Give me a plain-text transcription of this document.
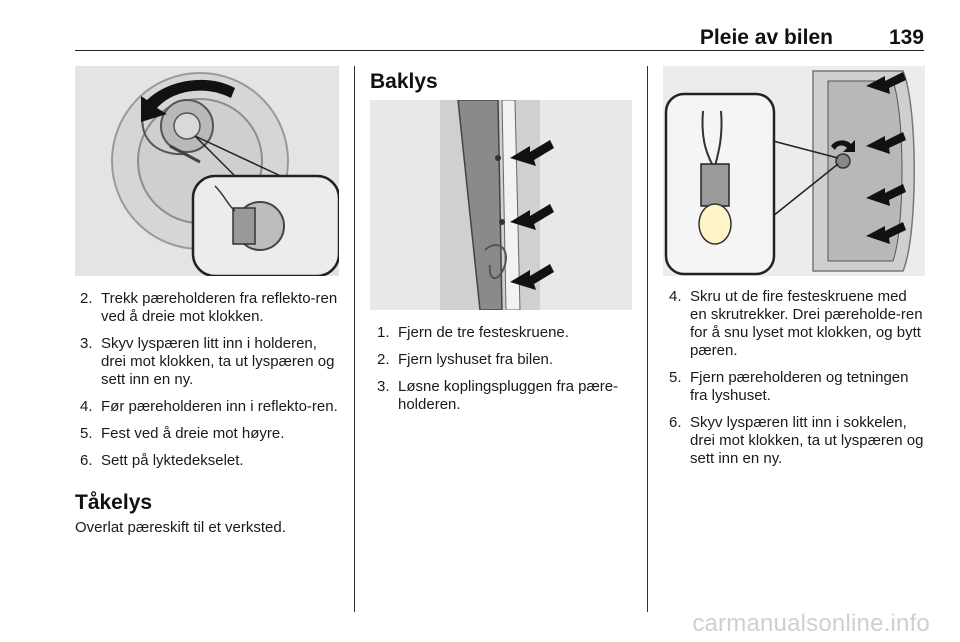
Pleie av bilen	139
2. Trekk pæreholderen fra reflekto-ren ved å dreie mot klokken.
3. Skyv lyspæren litt inn i holderen, drei mot klokken, ta ut lyspæren og sett inn en ny.
4. Før pæreholderen inn i reflekto-ren.
5. Fest ved å dreie mot høyre.
6. Sett på lyktedekselet.
Tåkelys

Overlat pæreskift til et verksted.

Baklys
1. Fjern de tre festeskruene.
2. Fjern lyshuset fra bilen.
3. Løsne koplingspluggen fra pære-holderen.
4. Skru ut de fire festeskruene med en skrutrekker. Drei pæreholde-ren for å snu lyset mot klokken, og bytt pæren.
5. Fjern pæreholderen og tetningen fra lyshuset.
6. Skyv lyspæren litt inn i sokkelen, drei mot klokken, ta ut lyspæren og sett inn en ny.
carmanualsonline.info
